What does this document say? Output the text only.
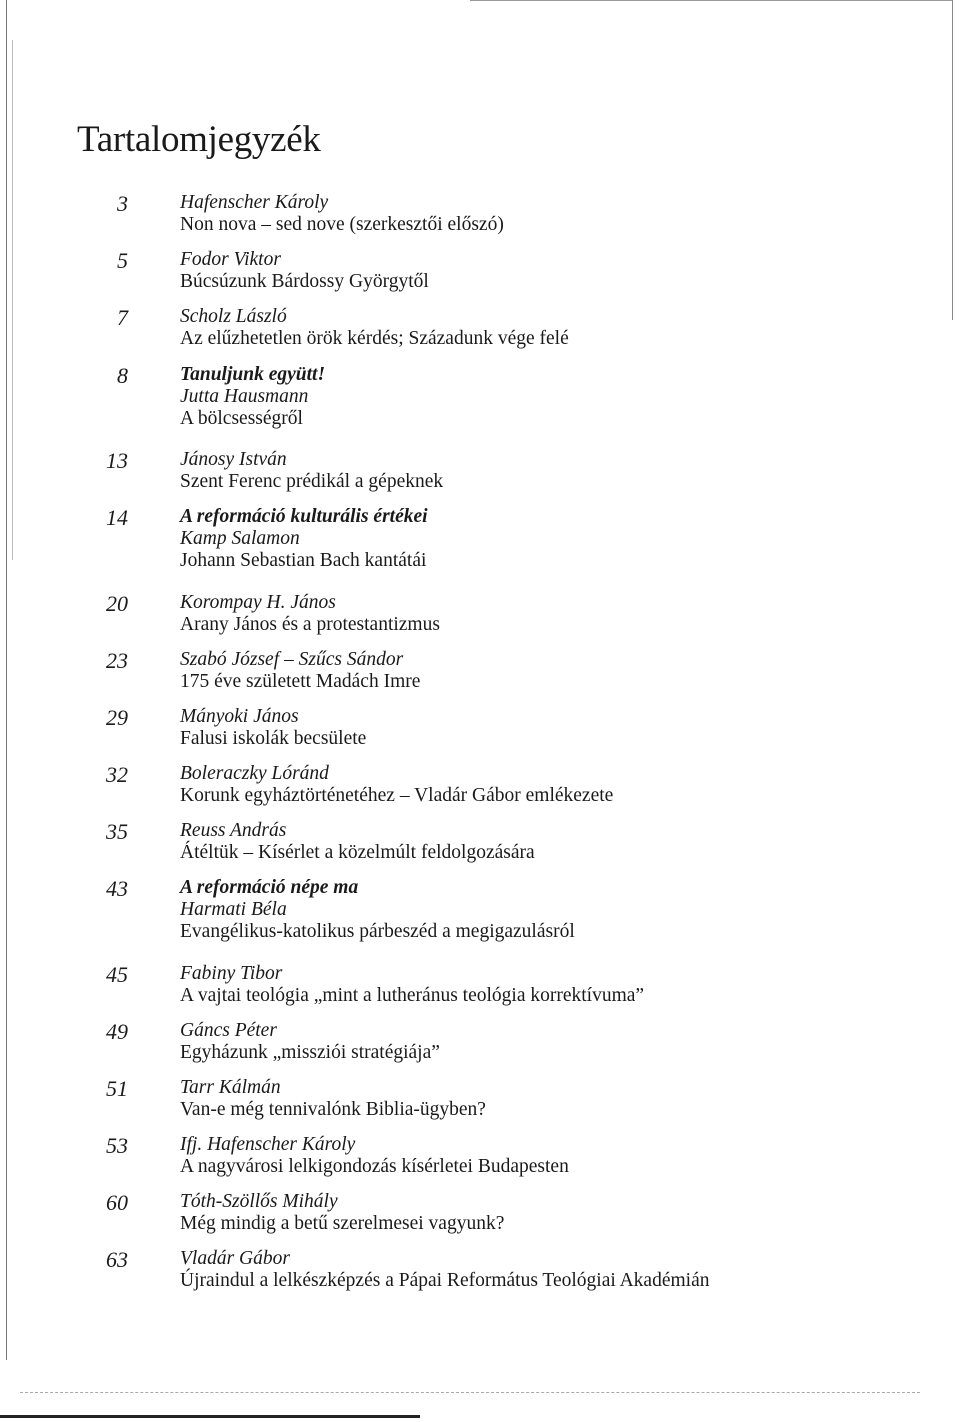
Tartalomjegyzék
3	Hafenscher Károly
Non nova – sed nove (szerkesztői előszó)
5	Fodor Viktor
Búcsúzunk Bárdossy Györgytől
7	Scholz László
Az elűzhetetlen örök kérdés; Századunk vége felé
8	Tanuljunk együtt!
Jutta Hausmann
A bölcsességről
13	Jánosy István
Szent Ferenc prédikál a gépeknek
14	A reformáció kulturális értékei
Kamp Salamon
Johann Sebastian Bach kantátái
20	Korompay H. János
Arany János és a protestantizmus
23	Szabó József – Szűcs Sándor
175 éve született Madách Imre
29	Mányoki János
Falusi iskolák becsülete
32	Boleraczky Lóránd
Korunk egyháztörténetéhez – Vladár Gábor emlékezete
35	Reuss András
Átéltük – Kísérlet a közelmúlt feldolgozására
43	A reformáció népe ma
Harmati Béla
Evangélikus-katolikus párbeszéd a megigazulásról
45	Fabiny Tibor
A vajtai teológia „mint a lutheránus teológia korrektívuma”
49	Gáncs Péter
Egyházunk „missziói stratégiája”
51	Tarr Kálmán
Van-e még tennivalónk Biblia-ügyben?
53	Ifj. Hafenscher Károly
A nagyvárosi lelkigondozás kísérletei Budapesten
60	Tóth-Szöllős Mihály
Még mindig a betű szerelmesei vagyunk?
63	Vladár Gábor
Újraindul a lelkészképzés a Pápai Református Teológiai Akadémián
